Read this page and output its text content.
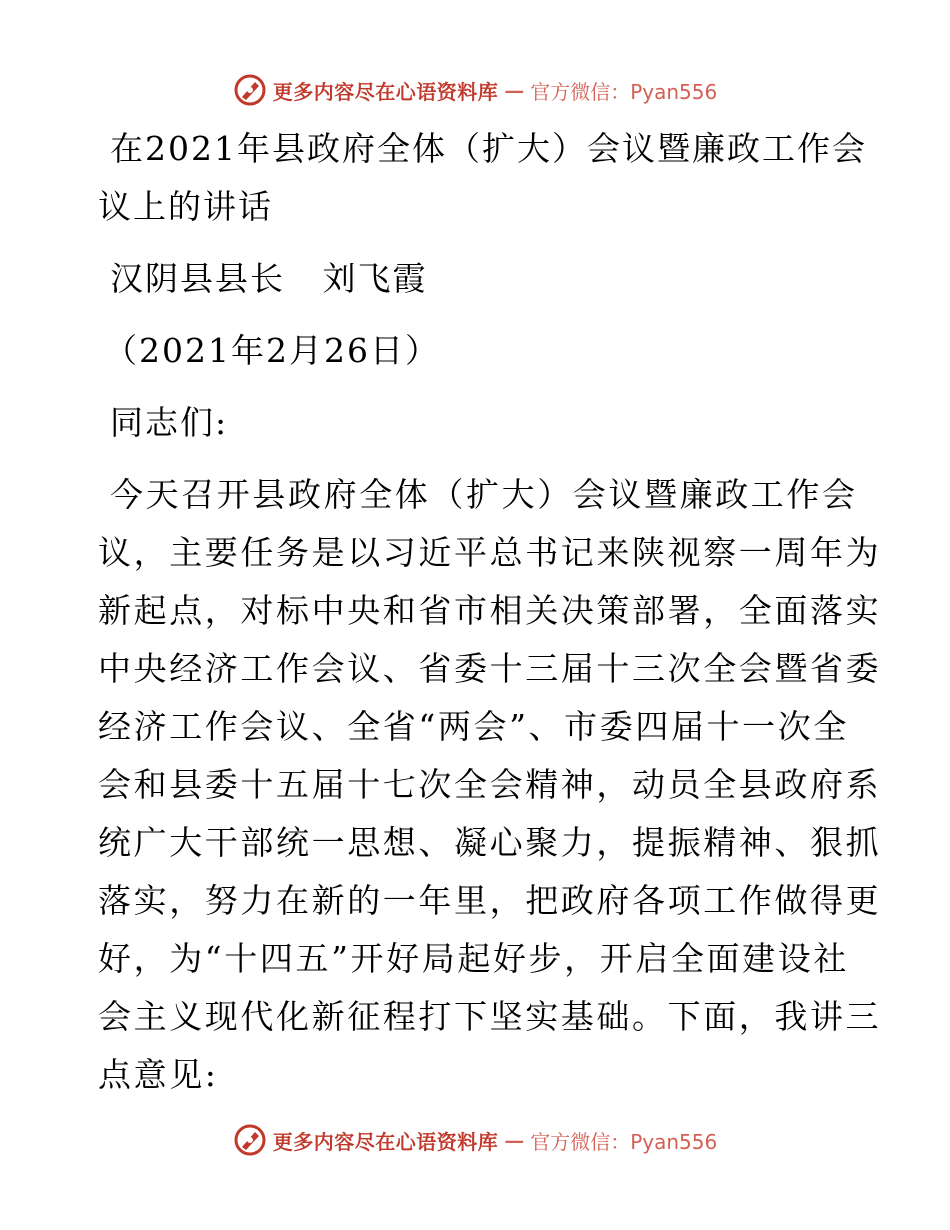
更多内容尽在心语资料库 — 官方微信：Pyan556
在2021年县政府全体（扩大）会议暨廉政工作会
议上的讲话
汉阴县县长   刘飞霞
（2021年2月26日）
同志们:
今天召开县政府全体（扩大）会议暨廉政工作会
议，主要任务是以习近平总书记来陕视察一周年为
新起点，对标中央和省市相关决策部署，全面落实
中央经济工作会议、省委十三届十三次全会暨省委
经济工作会议、全省“两会”、市委四届十一次全
会和县委十五届十七次全会精神，动员全县政府系
统广大干部统一思想、凝心聚力，提振精神、狠抓
落实，努力在新的一年里，把政府各项工作做得更
好，为“十四五”开好局起好步，开启全面建设社
会主义现代化新征程打下坚实基础。下面，我讲三
点意见:
更多内容尽在心语资料库 — 官方微信：Pyan556
